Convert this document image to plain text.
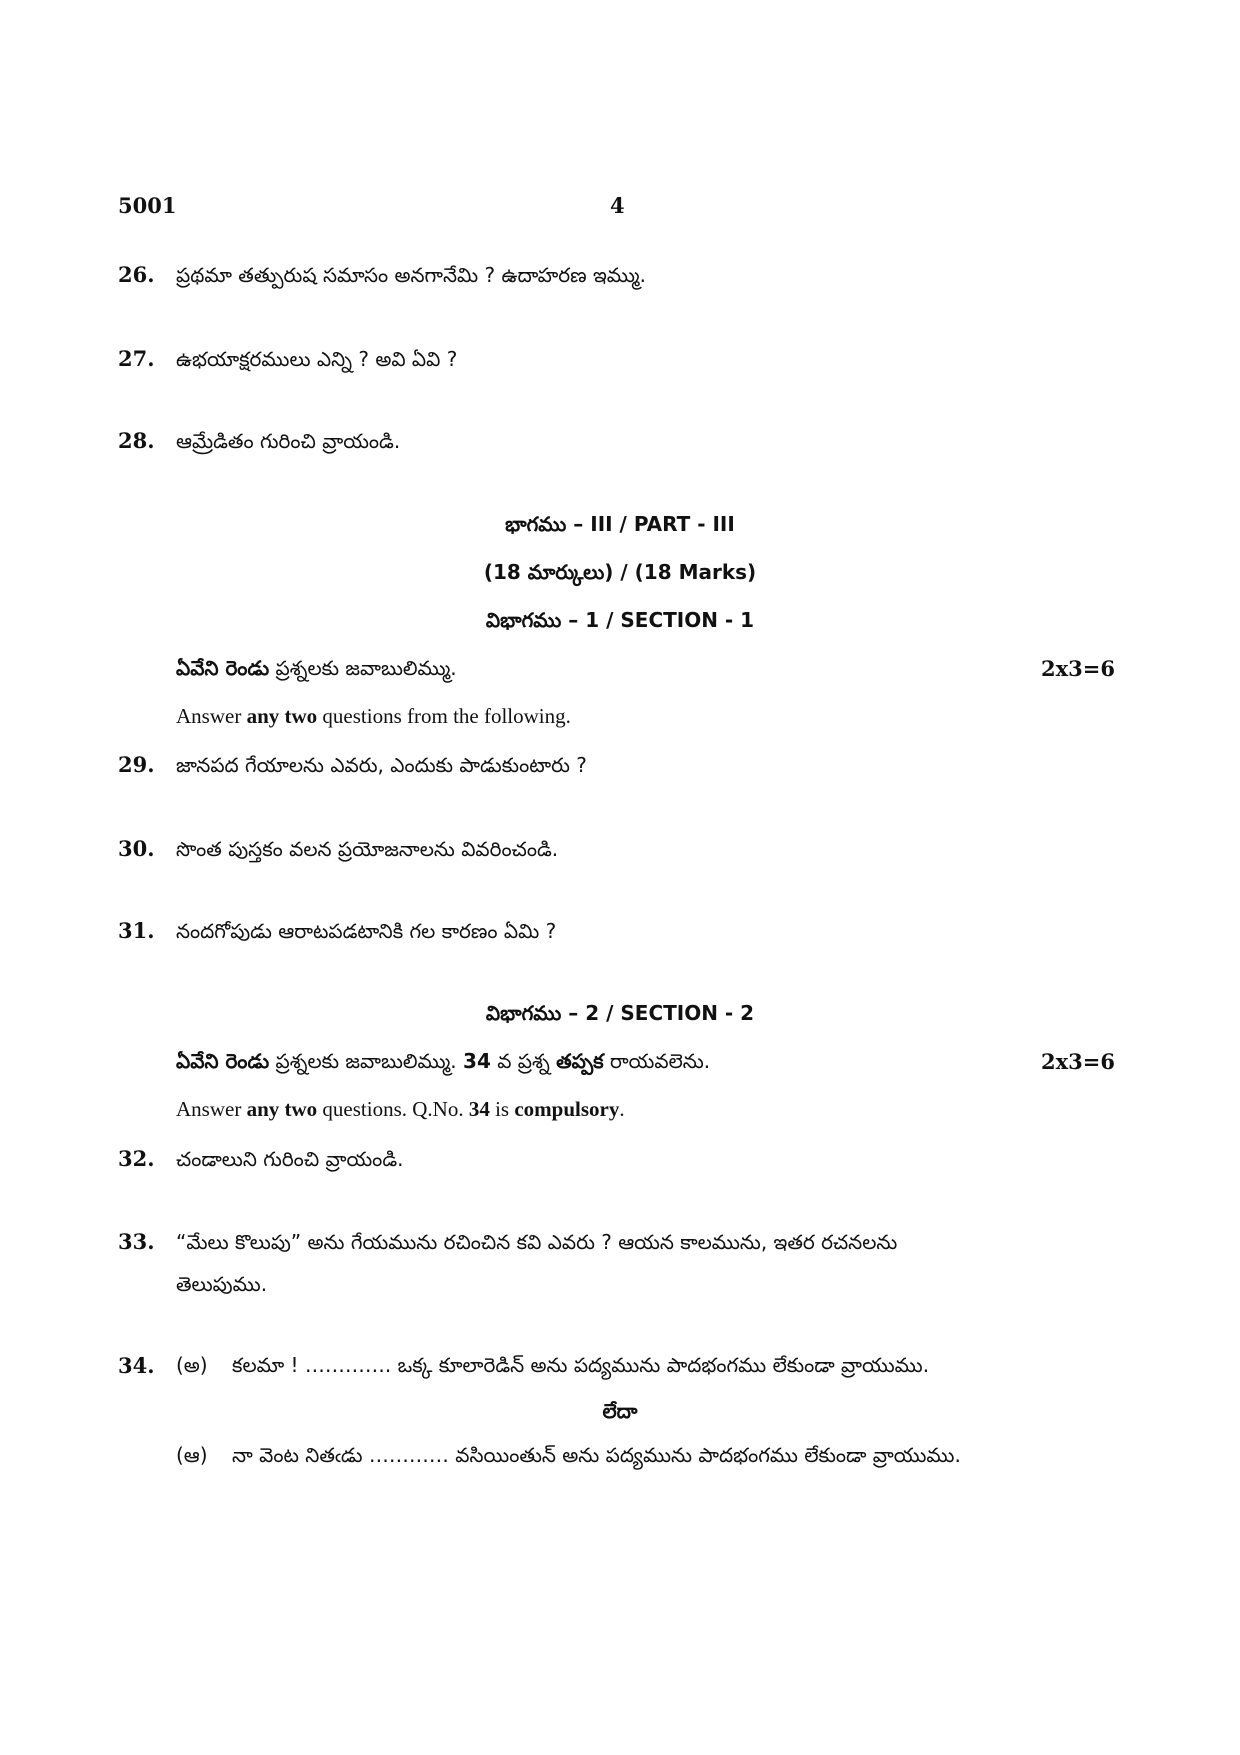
5001	4
26. ప్రథమా తత్పురుష సమాసం అనగానేమి ? ఉదాహరణ ఇమ్ము.
27. ఉభయాక్షరములు ఎన్ని ? అవి ఏవి ?
28. ఆమ్రేడితం గురించి వ్రాయండి.
భాగము – III / PART - III
(18 మార్కులు) / (18 Marks)
విభాగము – 1 / SECTION - 1
ఏవేని రెండు ప్రశ్నలకు జవాబులిమ్ము.	2x3=6
Answer any two questions from the following.
29. జానపద గేయాలను ఎవరు, ఎందుకు పాడుకుంటారు ?
30. సొంత పుస్తకం వలన ప్రయోజనాలను వివరించండి.
31. నందగోపుడు ఆరాటపడటానికి గల కారణం ఏమి ?
విభాగము – 2 / SECTION - 2
ఏవేని రెండు ప్రశ్నలకు జవాబులిమ్ము. 34 వ ప్రశ్న తప్పక రాయవలెను.	2x3=6
Answer any two questions. Q.No. 34 is compulsory.
32. చండాలుని గురించి వ్రాయండి.
33. “మేలు కొలుపు” అను గేయమును రచించిన కవి ఎవరు ? ఆయన కాలమును, ఇతర రచనలను
తెలుపుము.
34.	(అ) కలమా ! …………. ఒక్క కూలారెడిన్ అను పద్యమును పాదభంగము లేకుండా వ్రాయుము.
లేదా
(ఆ) నా వెంట నితఁడు ………… వసియింతున్ అను పద్యమును పాదభంగము లేకుండా వ్రాయుము.
